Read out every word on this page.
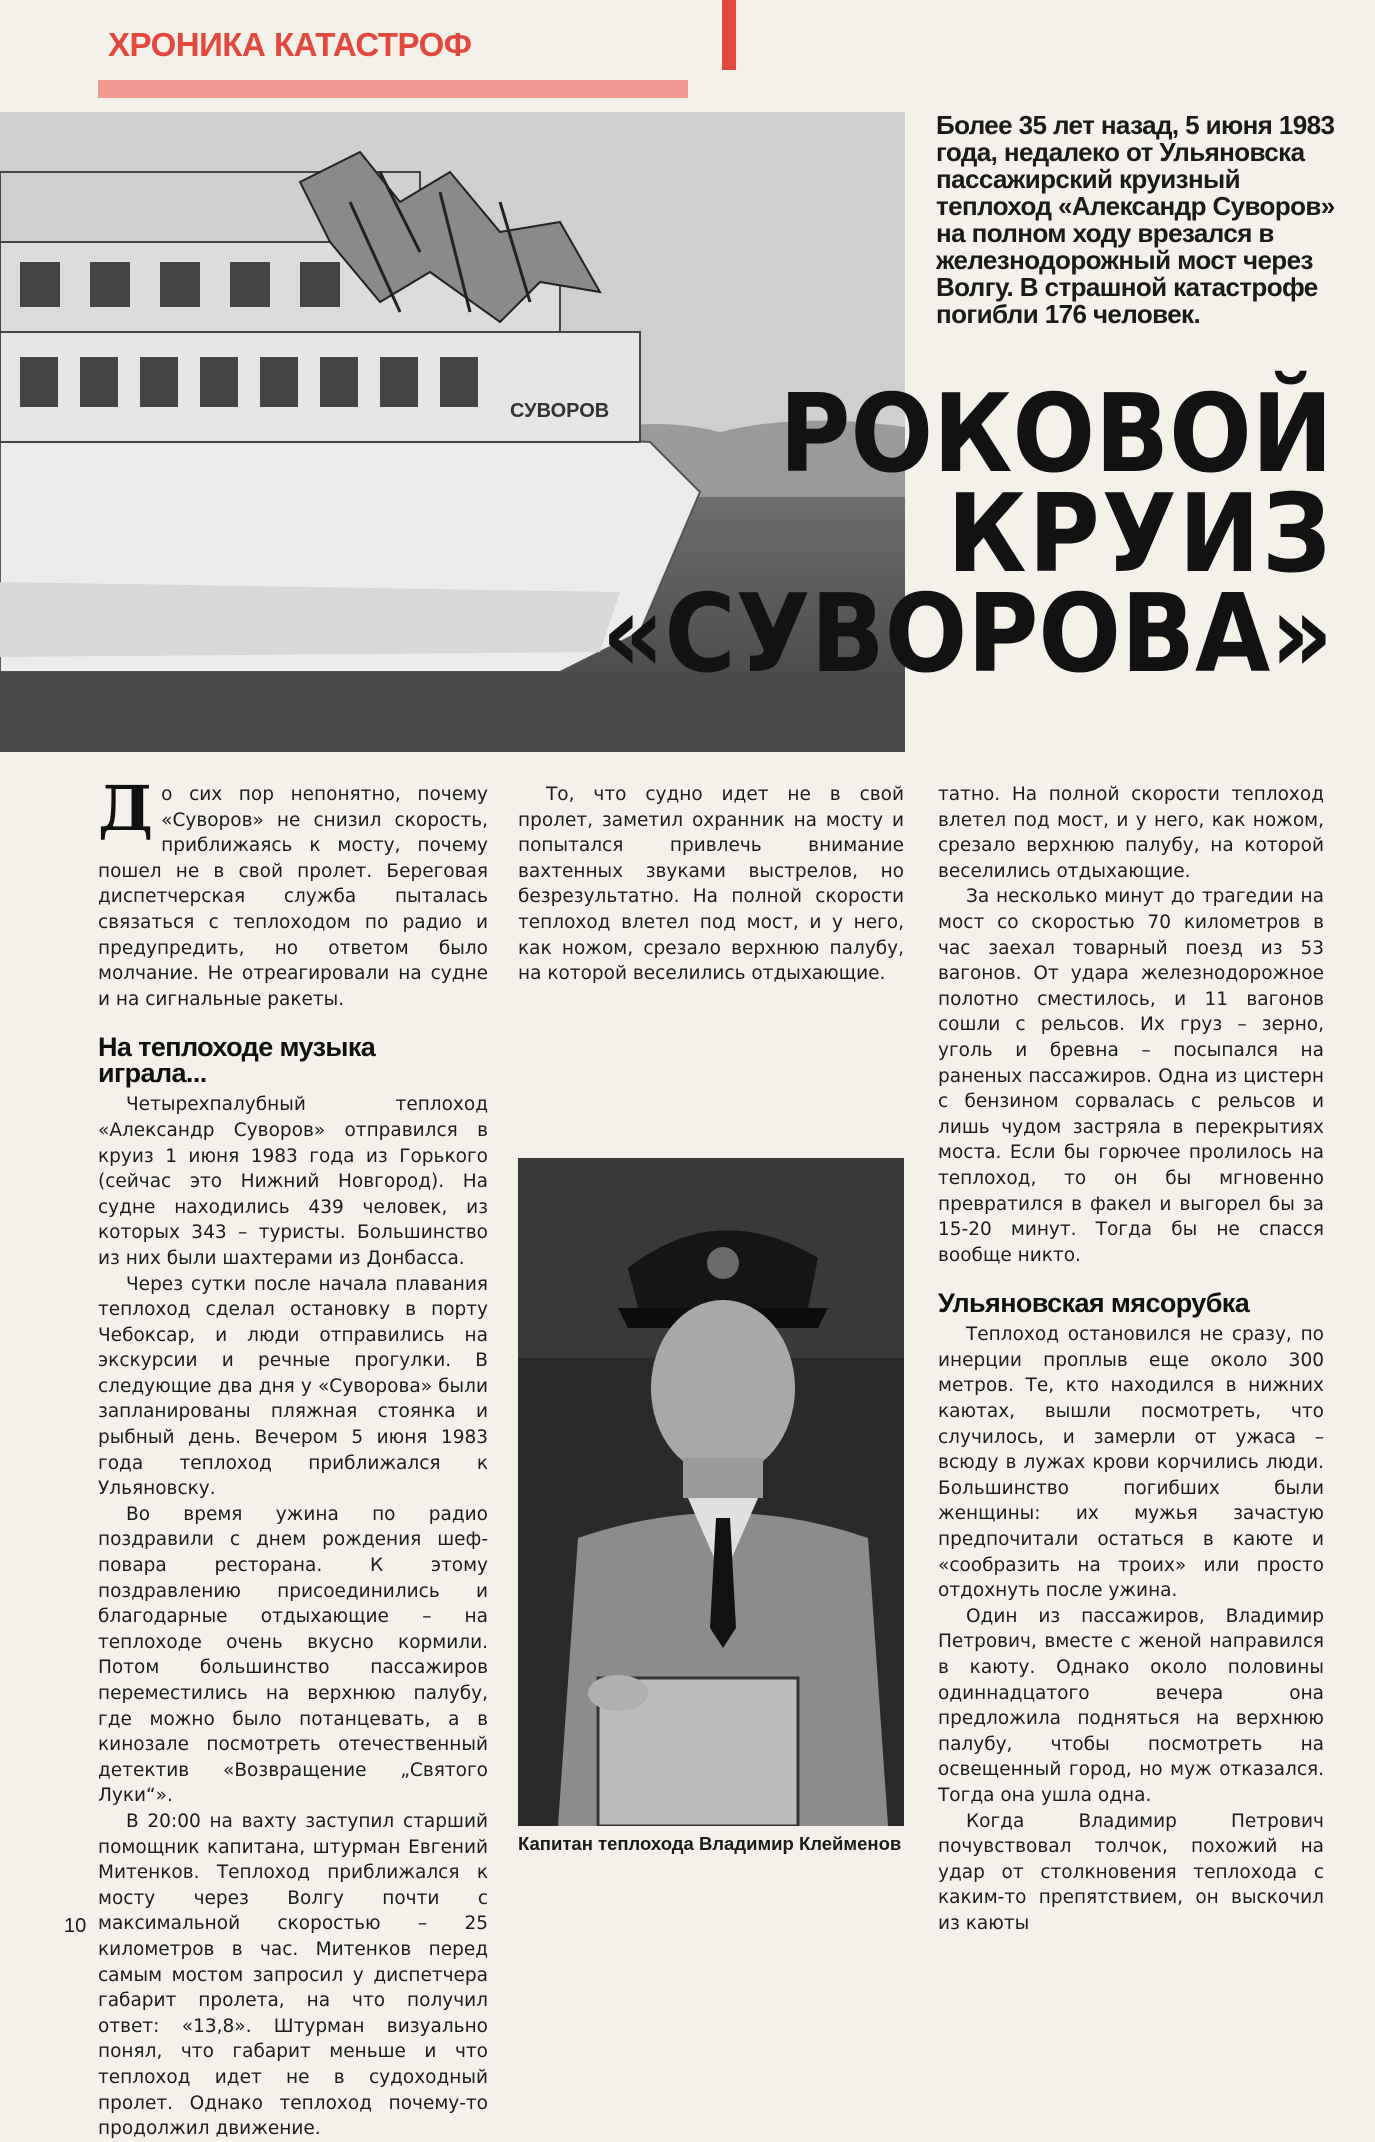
ХРОНИКА КАТАСТРОФ
СУВОРОВ
Более 35 лет назад, 5 июня 1983 года, недалеко от Ульяновска пассажирский круизный теплоход «Александр Суворов» на полном ходу врезался в железнодорожный мост через Волгу. В страшной катастрофе погибли 176 человек.
РОКОВОЙ
КРУИЗ
«СУВОРОВА»

До сих пор непонятно, почему «Суворов» не снизил скорость, приближаясь к мосту, почему пошел не в свой пролет. Береговая диспетчерская служба пыталась связаться с теплоходом по радио и предупредить, но ответом было молчание. Не отреагировали на судне и на сигнальные ракеты.

На теплоходе музыка играла...

Четырехпалубный теплоход «Александр Суворов» отправился в круиз 1 июня 1983 года из Горького (сейчас это Нижний Новгород). На судне находились 439 человек, из которых 343 – туристы. Большинство из них были шахтерами из Донбасса.

Через сутки после начала плавания теплоход сделал остановку в порту Чебоксар, и люди отправились на экскурсии и речные прогулки. В следующие два дня у «Суворова» были запланированы пляжная стоянка и рыбный день. Вечером 5 июня 1983 года теплоход приближался к Ульяновску.

Во время ужина по радио поздравили с днем рождения шеф-повара ресторана. К этому поздравлению присоединились и благодарные отдыхающие – на теплоходе очень вкусно кормили. Потом большинство пассажиров переместились на верхнюю палубу, где можно было потанцевать, а в кинозале посмотреть отечественный детектив «Возвращение „Святого Луки“».

В 20:00 на вахту заступил старший помощник капитана, штурман Евгений Митенков. Теплоход приближался к мосту через Волгу почти с максимальной скоростью – 25 километров в час. Митенков перед самым мостом запросил у диспетчера габарит пролета, на что получил ответ: «13,8». Штурман визуально понял, что габарит меньше и что теплоход идет не в судоходный пролет. Однако теплоход почему-то продолжил движение.

То, что судно идет не в свой пролет, заметил охранник на мосту и попытался привлечь внимание вахтенных звуками выстрелов, но безрезультатно. На полной скорости теплоход влетел под мост, и у него, как ножом, срезало верхнюю палубу, на которой веселились отдыхающие.

Капитан теплохода Владимир Клейменов

татно. На полной скорости теплоход влетел под мост, и у него, как ножом, срезало верхнюю палубу, на которой веселились отдыхающие.

За несколько минут до трагедии на мост со скоростью 70 километров в час заехал товарный поезд из 53 вагонов. От удара железнодорожное полотно сместилось, и 11 вагонов сошли с рельсов. Их груз – зерно, уголь и бревна – посыпался на раненых пассажиров. Одна из цистерн с бензином сорвалась с рельсов и лишь чудом застряла в перекрытиях моста. Если бы горючее пролилось на теплоход, то он бы мгновенно превратился в факел и выгорел бы за 15-20 минут. Тогда бы не спасся вообще никто.

Ульяновская мясорубка

Теплоход остановился не сразу, по инерции проплыв еще около 300 метров. Те, кто находился в нижних каютах, вышли посмотреть, что случилось, и замерли от ужаса – всюду в лужах крови корчились люди. Большинство погибших были женщины: их мужья зачастую предпочитали остаться в каюте и «сообразить на троих» или просто отдохнуть после ужина.

Один из пассажиров, Владимир Петрович, вместе с женой направился в каюту. Однако около половины одиннадцатого вечера она предложила подняться на верхнюю палубу, чтобы посмотреть на освещенный город, но муж отказался. Тогда она ушла одна.

Когда Владимир Петрович почувствовал толчок, похожий на удар от столкновения теплохода с каким-то препятствием, он выскочил из каюты

10
